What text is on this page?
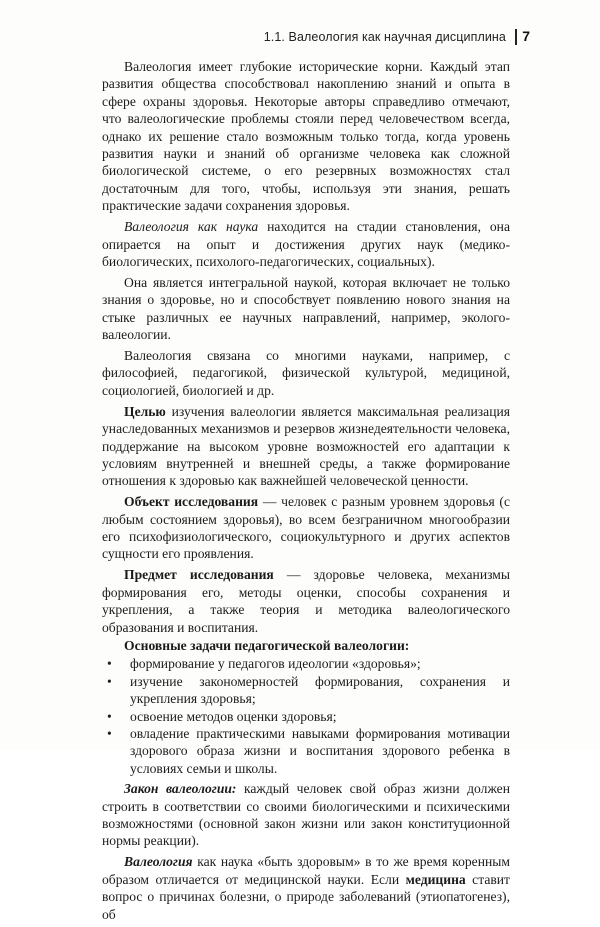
1.1. Валеология как научная дисциплина 7

Валеология имеет глубокие исторические корни. Каждый этап развития общества способствовал накоплению знаний и опыта в сфере охраны здоровья. Некоторые авторы справедливо отмечают, что валеологические проблемы стояли перед человечеством всегда, однако их решение стало возможным только тогда, когда уровень развития науки и знаний об организме человека как сложной биологической системе, о его резервных возможностях стал достаточным для того, чтобы, используя эти знания, решать практические задачи сохранения здоровья.

Валеология как наука находится на стадии становления, она опирается на опыт и достижения других наук (медико-биологических, психолого-педагогических, социальных).

Она является интегральной наукой, которая включает не только знания о здоровье, но и способствует появлению нового знания на стыке различных ее научных направлений, например, эколого-валеологии.

Валеология связана со многими науками, например, с философией, педагогикой, физической культурой, медициной, социологией, биологией и др.

Целью изучения валеологии является максимальная реализация унаследованных механизмов и резервов жизнедеятельности человека, поддержание на высоком уровне возможностей его адаптации к условиям внутренней и внешней среды, а также формирование отношения к здоровью как важнейшей человеческой ценности.

Объект исследования — человек с разным уровнем здоровья (с любым состоянием здоровья), во всем безграничном многообразии его психофизиологического, социокультурного и других аспектов сущности его проявления.

Предмет исследования — здоровье человека, механизмы формирования его, методы оценки, способы сохранения и укрепления, а также теория и методика валеологического образования и воспитания.

Основные задачи педагогической валеологии:
• формирование у педагогов идеологии «здоровья»;
• изучение закономерностей формирования, сохранения и укрепления здоровья;
• освоение методов оценки здоровья;
• овладение практическими навыками формирования мотивации здорового образа жизни и воспитания здорового ребенка в условиях семьи и школы.

Закон валеологии: каждый человек свой образ жизни должен строить в соответствии со своими биологическими и психическими возможностями (основной закон жизни или закон конституционной нормы реакции).

Валеология как наука «быть здоровым» в то же время коренным образом отличается от медицинской науки. Если медицина ставит вопрос о причинах болезни, о природе заболеваний (этиопатогенез), об
